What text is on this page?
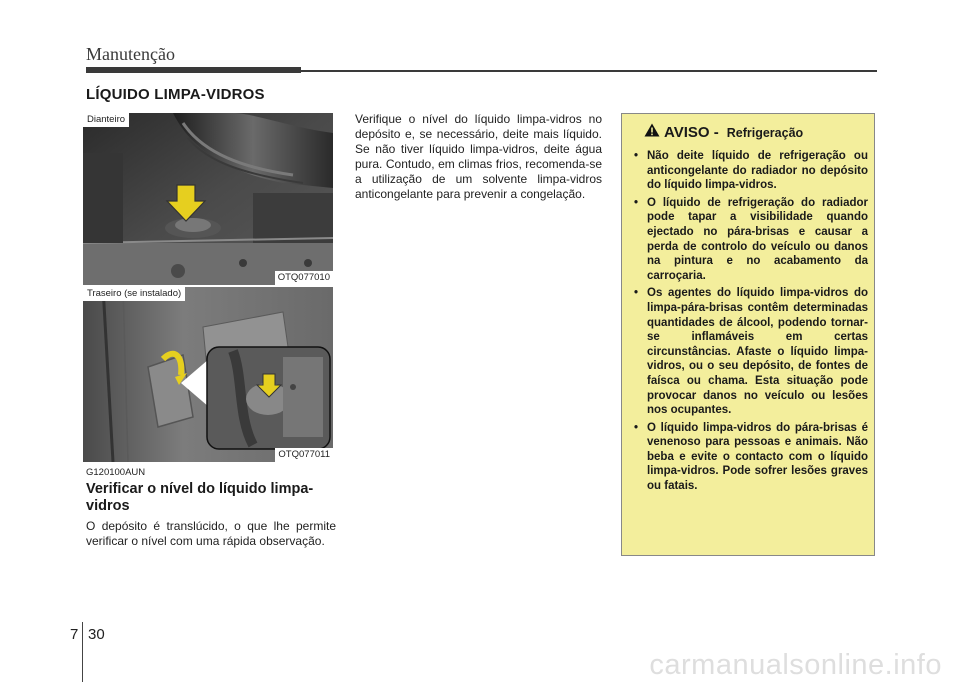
Manutenção
LÍQUIDO LIMPA-VIDROS
Dianteiro
OTQ077010
Traseiro (se instalado)
OTQ077011
G120100AUN
Verificar o nível do líquido limpa-vidros
O depósito é translúcido, o que lhe permite verificar o nível com uma rápida observação.
Verifique o nível do líquido limpa-vidros no depósito e, se necessário, deite mais líquido. Se não tiver líquido limpa-vidros, deite água pura. Contudo, em climas frios, recomenda-se a utilização de um solvente limpa-vidros anticongelante para prevenir a congelação.
AVISO - Refrigeração
• Não deite líquido de refrigeração ou anticongelante do radiador no depósito do líquido limpa-vidros.
• O líquido de refrigeração do radiador pode tapar a visibilidade quando ejectado no pára-brisas e causar a perda de controlo do veículo ou danos na pintura e no acabamento da carroçaria.
• Os agentes do líquido limpa-vidros do limpa-pára-brisas contêm determinadas quantidades de álcool, podendo tornar-se inflamáveis em certas circunstâncias. Afaste o líquido limpa-vidros, ou o seu depósito, de fontes de faísca ou chama. Esta situação pode provocar danos no veículo ou lesões nos ocupantes.
• O líquido limpa-vidros do pára-brisas é venenoso para pessoas e animais. Não beba e evite o contacto com o líquido limpa-vidros. Pode sofrer lesões graves ou fatais.
7 30
carmanualsonline.info
